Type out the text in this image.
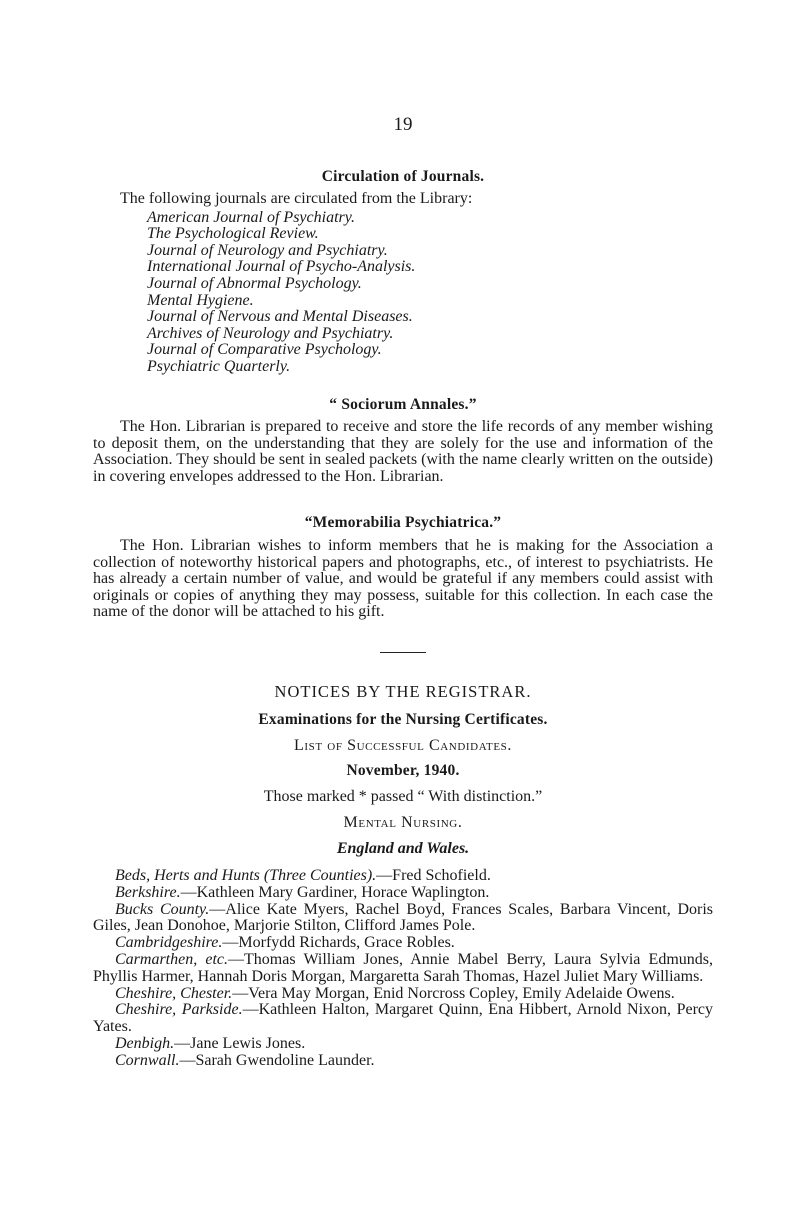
19
Circulation of Journals.

The following journals are circulated from the Library:

American Journal of Psychiatry.
The Psychological Review.
Journal of Neurology and Psychiatry.
International Journal of Psycho-Analysis.
Journal of Abnormal Psychology.
Mental Hygiene.
Journal of Nervous and Mental Diseases.
Archives of Neurology and Psychiatry.
Journal of Comparative Psychology.
Psychiatric Quarterly.
“ Sociorum Annales.”

The Hon. Librarian is prepared to receive and store the life records of any member wishing to deposit them, on the understanding that they are solely for the use and information of the Association. They should be sent in sealed packets (with the name clearly written on the outside) in covering envelopes addressed to the Hon. Librarian.

“Memorabilia Psychiatrica.”

The Hon. Librarian wishes to inform members that he is making for the Association a collection of noteworthy historical papers and photographs, etc., of interest to psychiatrists. He has already a certain number of value, and would be grateful if any members could assist with originals or copies of anything they may possess, suitable for this collection. In each case the name of the donor will be attached to his gift.

NOTICES BY THE REGISTRAR.
Examinations for the Nursing Certificates.
List of Successful Candidates.
November, 1940.
Those marked * passed “ With distinction.”
Mental Nursing.
England and Wales.

Beds, Herts and Hunts (Three Counties).—Fred Schofield.

Berkshire.—Kathleen Mary Gardiner, Horace Waplington.

Bucks County.—Alice Kate Myers, Rachel Boyd, Frances Scales, Barbara Vincent, Doris Giles, Jean Donohoe, Marjorie Stilton, Clifford James Pole.

Cambridgeshire.—Morfydd Richards, Grace Robles.

Carmarthen, etc.—Thomas William Jones, Annie Mabel Berry, Laura Sylvia Edmunds, Phyllis Harmer, Hannah Doris Morgan, Margaretta Sarah Thomas, Hazel Juliet Mary Williams.

Cheshire, Chester.—Vera May Morgan, Enid Norcross Copley, Emily Adelaide Owens.

Cheshire, Parkside.—Kathleen Halton, Margaret Quinn, Ena Hibbert, Arnold Nixon, Percy Yates.

Denbigh.—Jane Lewis Jones.

Cornwall.—Sarah Gwendoline Launder.
